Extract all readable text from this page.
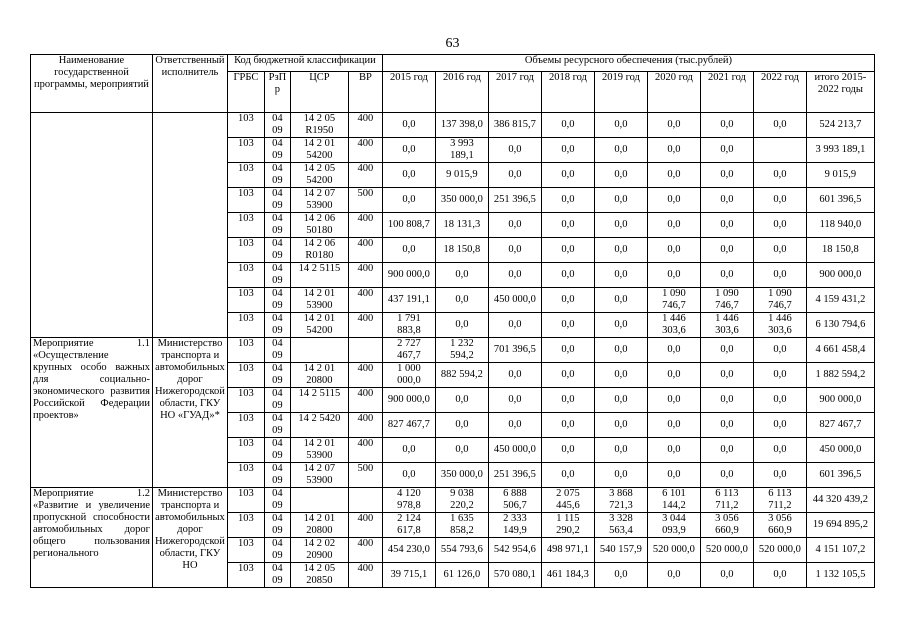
63
Наименование государственной программы, мероприятий	Ответственный исполнитель	Код бюджетной классификации				Объемы ресурсного обеспечения (тыс.рублей)								
		ГРБС	РзП р	ЦСР	ВР	2015 год	2016 год	2017 год	2018 год	2019 год	2020 год	2021 год	2022 год	итого 2015-2022 годы
		103	04 09	14 2 05 R1950	400	0,0	137 398,0	386 815,7	0,0	0,0	0,0	0,0	0,0	524 213,7
		103	04 09	14 2 01 54200	400	0,0	3 993 189,1	0,0	0,0	0,0	0,0	0,0		3 993 189,1
		103	04 09	14 2 05 54200	400	0,0	9 015,9	0,0	0,0	0,0	0,0	0,0	0,0	9 015,9
		103	04 09	14 2 07 53900	500	0,0	350 000,0	251 396,5	0,0	0,0	0,0	0,0	0,0	601 396,5
		103	04 09	14 2 06 50180	400	100 808,7	18 131,3	0,0	0,0	0,0	0,0	0,0	0,0	118 940,0
		103	04 09	14 2 06 R0180	400	0,0	18 150,8	0,0	0,0	0,0	0,0	0,0	0,0	18 150,8
		103	04 09	14 2 5115	400	900 000,0	0,0	0,0	0,0	0,0	0,0	0,0	0,0	900 000,0
		103	04 09	14 2 01 53900	400	437 191,1	0,0	450 000,0	0,0	0,0	1 090 746,7	1 090 746,7	1 090 746,7	4 159 431,2
		103	04 09	14 2 01 54200	400	1 791 883,8	0,0	0,0	0,0	0,0	1 446 303,6	1 446 303,6	1 446 303,6	6 130 794,6
Мероприятие 1.1 «Осуществление крупных особо важных для социально-экономического развития Российской Федерации проектов»	Министерство транспорта и автомобильных дорог Нижегородской области, ГКУ НО «ГУАД»*	103	04 09			2 727 467,7	1 232 594,2	701 396,5	0,0	0,0	0,0	0,0	0,0	4 661 458,4
		103	04 09	14 2 01 20800	400	1 000 000,0	882 594,2	0,0	0,0	0,0	0,0	0,0	0,0	1 882 594,2
		103	04 09	14 2 5115	400	900 000,0	0,0	0,0	0,0	0,0	0,0	0,0	0,0	900 000,0
		103	04 09	14 2 5420	400	827 467,7	0,0	0,0	0,0	0,0	0,0	0,0	0,0	827 467,7
		103	04 09	14 2 01 53900	400	0,0	0,0	450 000,0	0,0	0,0	0,0	0,0	0,0	450 000,0
		103	04 09	14 2 07 53900	500	0,0	350 000,0	251 396,5	0,0	0,0	0,0	0,0	0,0	601 396,5
Мероприятие 1.2 «Развитие и увеличение пропускной способности автомобильных дорог общего пользования регионального	Министерство транспорта и автомобильных дорог Нижегородской области, ГКУ НО	103	04 09			4 120 978,8	9 038 220,2	6 888 506,7	2 075 445,6	3 868 721,3	6 101 144,2	6 113 711,2	6 113 711,2	44 320 439,2
		103	04 09	14 2 01 20800	400	2 124 617,8	1 635 858,2	2 333 149,9	1 115 290,2	3 328 563,4	3 044 093,9	3 056 660,9	3 056 660,9	19 694 895,2
		103	04 09	14 2 02 20900	400	454 230,0	554 793,6	542 954,6	498 971,1	540 157,9	520 000,0	520 000,0	520 000,0	4 151 107,2
		103	04 09	14 2 05 20850	400	39 715,1	61 126,0	570 080,1	461 184,3	0,0	0,0	0,0	0,0	1 132 105,5
